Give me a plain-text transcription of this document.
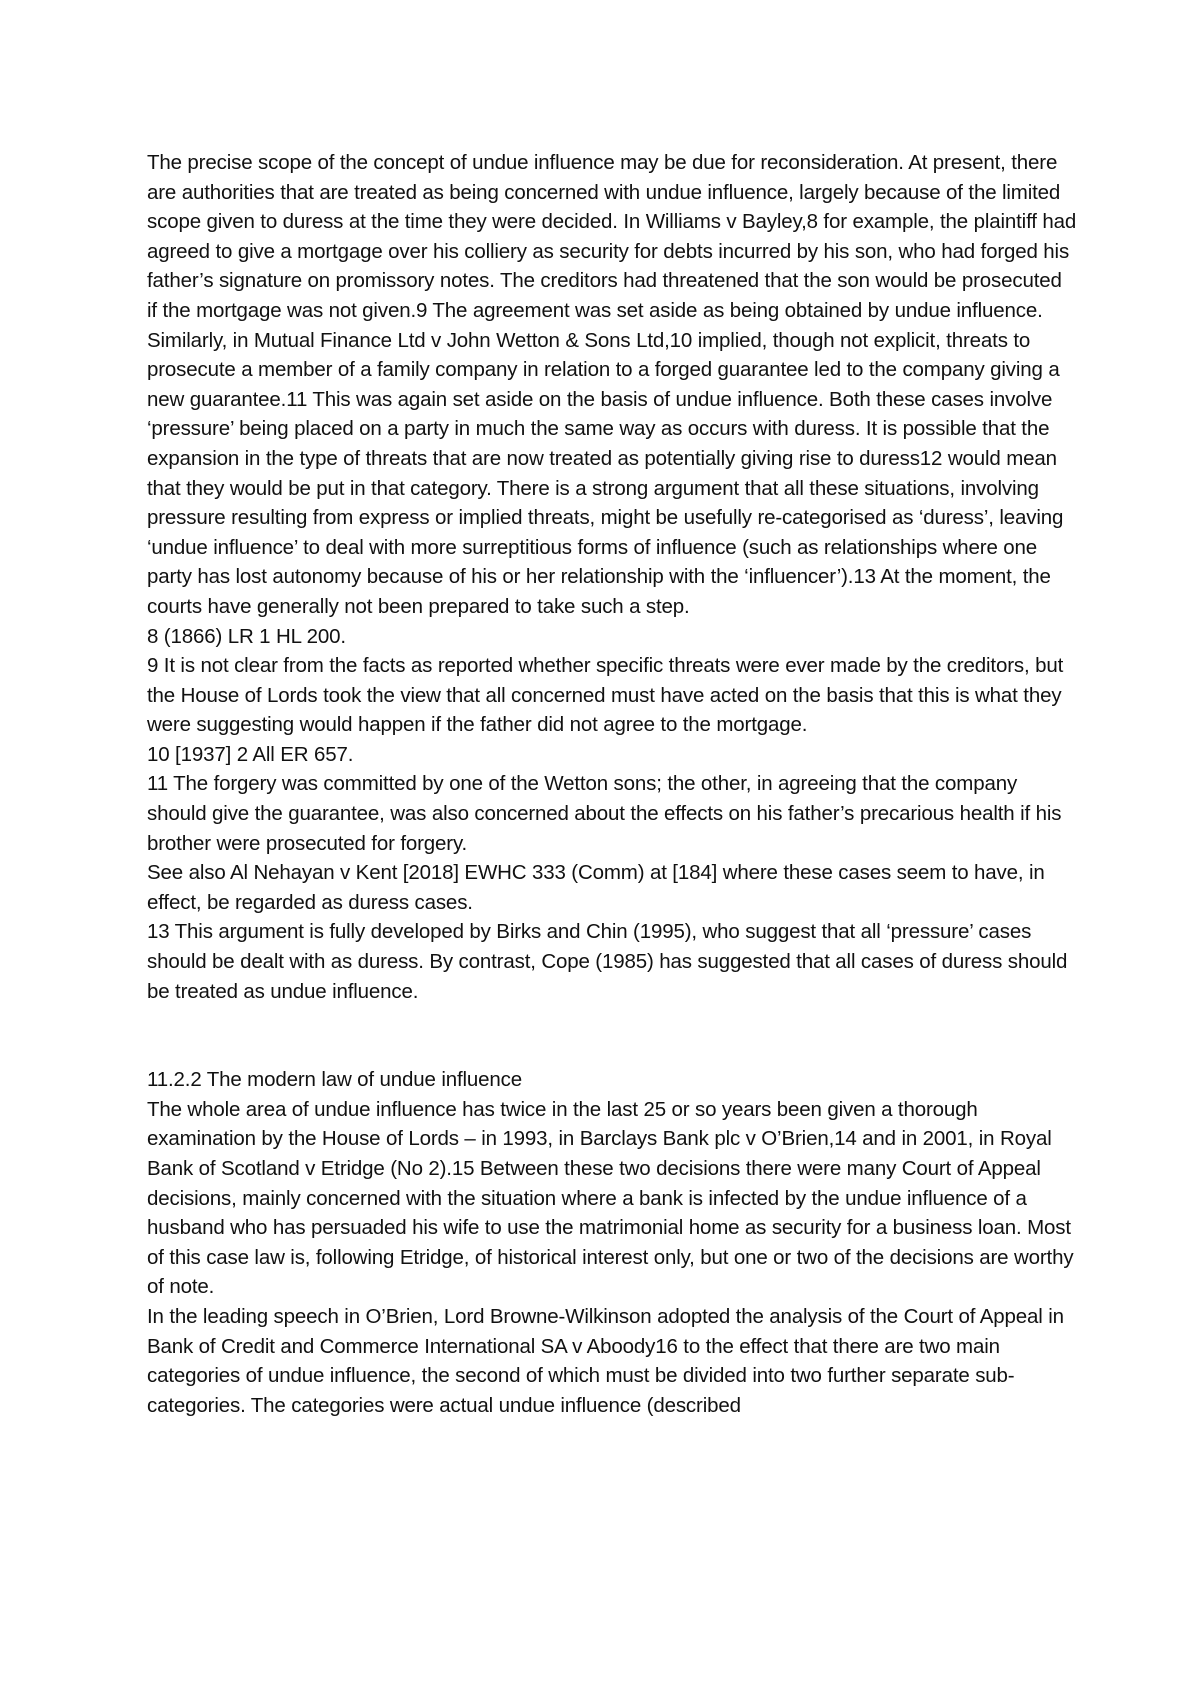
The precise scope of the concept of undue influence may be due for reconsideration. At present, there are authorities that are treated as being concerned with undue influence, largely because of the limited scope given to duress at the time they were decided. In Williams v Bayley,8 for example, the plaintiff had agreed to give a mortgage over his colliery as security for debts incurred by his son, who had forged his father’s signature on promissory notes. The creditors had threatened that the son would be prosecuted if the mortgage was not given.9 The agreement was set aside as being obtained by undue influence. Similarly, in Mutual Finance Ltd v John Wetton & Sons Ltd,10 implied, though not explicit, threats to prosecute a member of a family company in relation to a forged guarantee led to the company giving a new guarantee.11 This was again set aside on the basis of undue influence. Both these cases involve ‘pressure’ being placed on a party in much the same way as occurs with duress. It is possible that the expansion in the type of threats that are now treated as potentially giving rise to duress12 would mean that they would be put in that category. There is a strong argument that all these situations, involving pressure resulting from express or implied threats, might be usefully re-categorised as ‘duress’, leaving ‘undue influence’ to deal with more surreptitious forms of influence (such as relationships where one party has lost autonomy because of his or her relationship with the ‘influencer’).13 At the moment, the courts have generally not been prepared to take such a step.

8 (1866) LR 1 HL 200.

9 It is not clear from the facts as reported whether specific threats were ever made by the creditors, but the House of Lords took the view that all concerned must have acted on the basis that this is what they were suggesting would happen if the father did not agree to the mortgage.

10 [1937] 2 All ER 657.

11 The forgery was committed by one of the Wetton sons; the other, in agreeing that the company should give the guarantee, was also concerned about the effects on his father’s precarious health if his brother were prosecuted for forgery.

See also Al Nehayan v Kent [2018] EWHC 333 (Comm) at [184] where these cases seem to have, in effect, be regarded as duress cases.

13 This argument is fully developed by Birks and Chin (1995), who suggest that all ‘pressure’ cases should be dealt with as duress. By contrast, Cope (1985) has suggested that all cases of duress should be treated as undue influence.

11.2.2 The modern law of undue influence

The whole area of undue influence has twice in the last 25 or so years been given a thorough examination by the House of Lords – in 1993, in Barclays Bank plc v O’Brien,14 and in 2001, in Royal Bank of Scotland v Etridge (No 2).15 Between these two decisions there were many Court of Appeal decisions, mainly concerned with the situation where a bank is infected by the undue influence of a husband who has persuaded his wife to use the matrimonial home as security for a business loan. Most of this case law is, following Etridge, of historical interest only, but one or two of the decisions are worthy of note.

In the leading speech in O’Brien, Lord Browne-Wilkinson adopted the analysis of the Court of Appeal in Bank of Credit and Commerce International SA v Aboody16 to the effect that there are two main categories of undue influence, the second of which must be divided into two further separate sub-categories. The categories were actual undue influence (described
